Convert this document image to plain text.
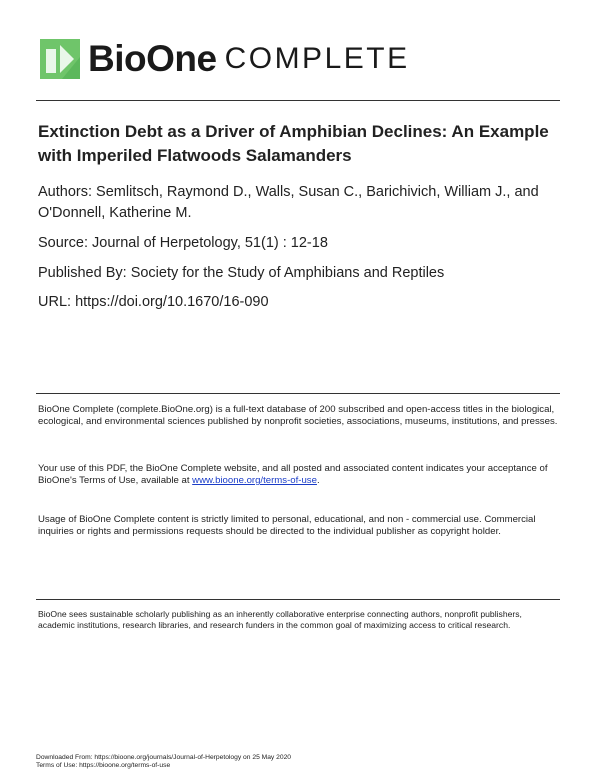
BioOne COMPLETE
Extinction Debt as a Driver of Amphibian Declines: An Example with Imperiled Flatwoods Salamanders
Authors: Semlitsch, Raymond D., Walls, Susan C., Barichivich, William J., and O'Donnell, Katherine M.
Source: Journal of Herpetology, 51(1) : 12-18
Published By: Society for the Study of Amphibians and Reptiles
URL: https://doi.org/10.1670/16-090
BioOne Complete (complete.BioOne.org) is a full-text database of 200 subscribed and open-access titles in the biological, ecological, and environmental sciences published by nonprofit societies, associations, museums, institutions, and presses.
Your use of this PDF, the BioOne Complete website, and all posted and associated content indicates your acceptance of BioOne's Terms of Use, available at www.bioone.org/terms-of-use.
Usage of BioOne Complete content is strictly limited to personal, educational, and non - commercial use. Commercial inquiries or rights and permissions requests should be directed to the individual publisher as copyright holder.
BioOne sees sustainable scholarly publishing as an inherently collaborative enterprise connecting authors, nonprofit publishers, academic institutions, research libraries, and research funders in the common goal of maximizing access to critical research.
Downloaded From: https://bioone.org/journals/Journal-of-Herpetology on 25 May 2020
Terms of Use: https://bioone.org/terms-of-use
